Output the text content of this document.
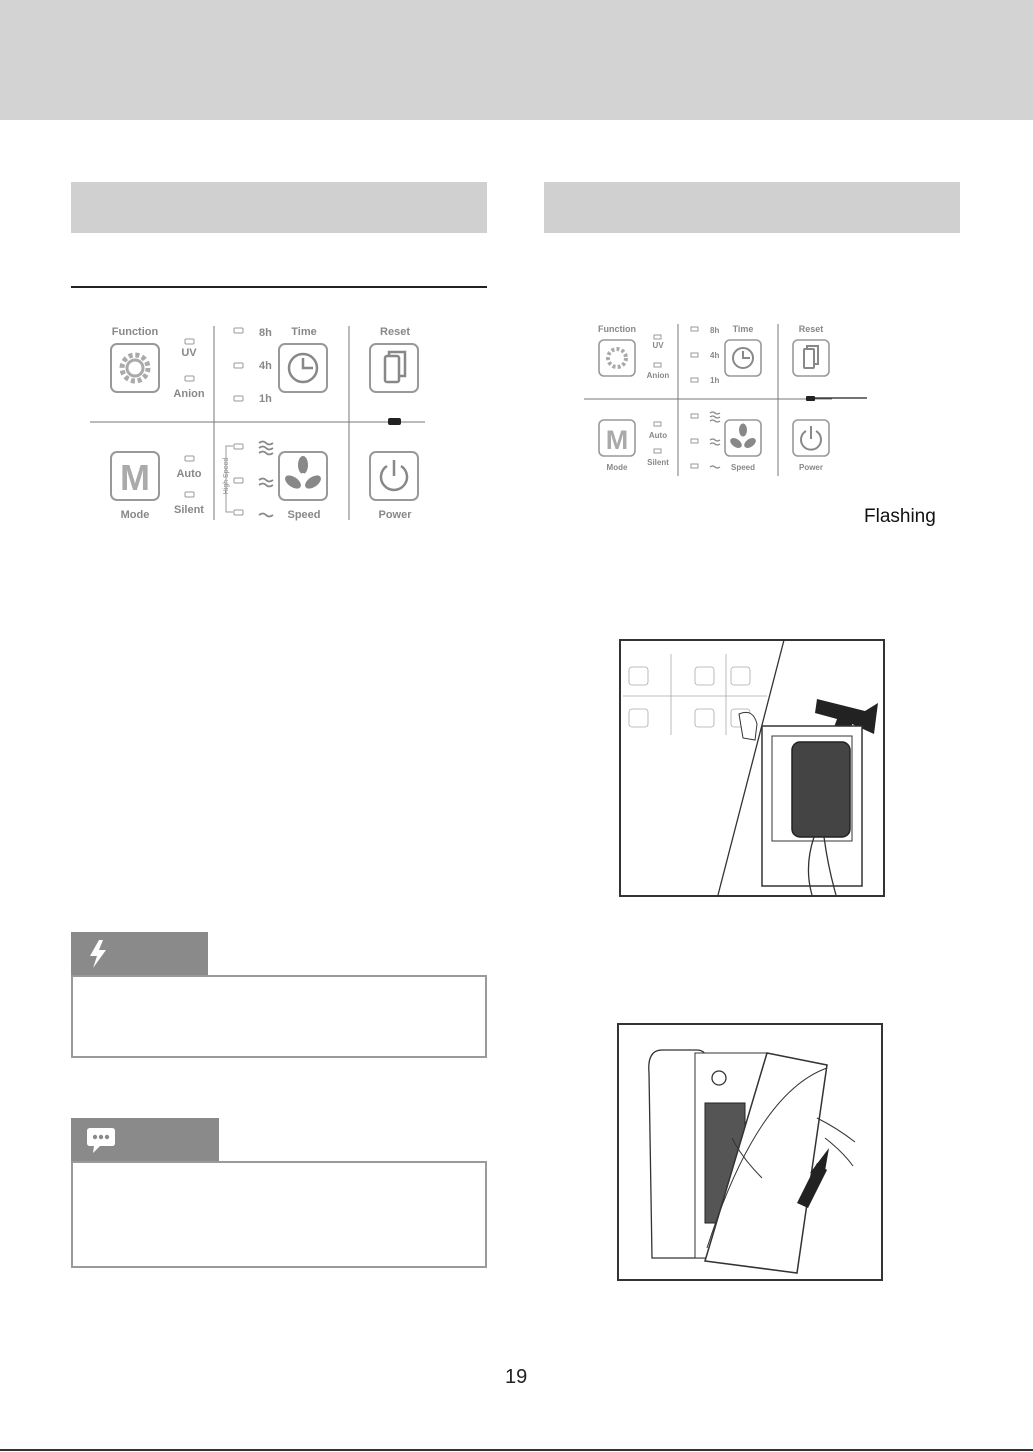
Function	Time	Reset
UV
Anion
8h
4h
1h
Mode
Auto
Silent	Speed	Power
High Speed
M
Function	Time	Reset
UV
Anion
8h
4h
1h
Mode
Auto
Silent
Speed	Power
M
Flashing
19
